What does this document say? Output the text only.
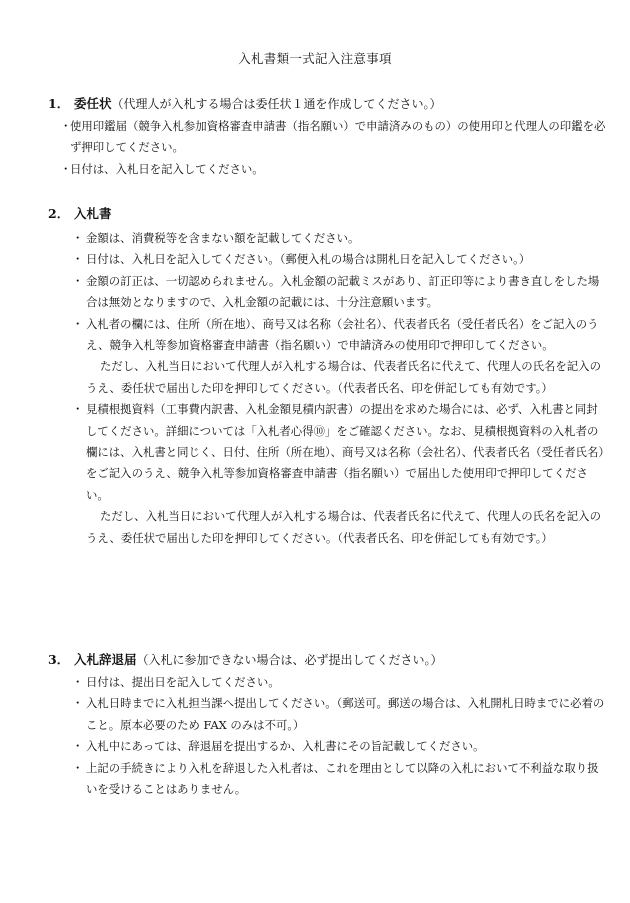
入札書類一式記入注意事項
1． 委任状（代理人が入札する場合は委任状１通を作成してください。）
・使用印鑑届（競争入札参加資格審査申請書（指名願い）で申請済みのもの）の使用印と代理人の印鑑を必ず押印してください。
・日付は、入札日を記入してください。
2． 入札書
・ 金額は、消費税等を含まない額を記載してください。
・ 日付は、入札日を記入してください。（郵便入札の場合は開札日を記入してください。）
・ 金額の訂正は、一切認められません。入札金額の記載ミスがあり、訂正印等により書き直しをした場合は無効となりますので、入札金額の記載には、十分注意願います。
・ 入札者の欄には、住所（所在地）、商号又は名称（会社名）、代表者氏名（受任者氏名）をご記入のうえ、競争入札等参加資格審査申請書（指名願い）で申請済みの使用印で押印してください。
ただし、入札当日において代理人が入札する場合は、代表者氏名に代えて、代理人の氏名を記入のうえ、委任状で届出した印を押印してください。（代表者氏名、印を併記しても有効です。）
・ 見積根拠資料（工事費内訳書、入札金額見積内訳書）の提出を求めた場合には、必ず、入札書と同封してください。詳細については「入札者心得⑩」をご確認ください。なお、見積根拠資料の入札者の欄には、入札書と同じく、日付、住所（所在地）、商号又は名称（会社名）、代表者氏名（受任者氏名）をご記入のうえ、競争入札等参加資格審査申請書（指名願い）で届出した使用印で押印してください。
ただし、入札当日において代理人が入札する場合は、代表者氏名に代えて、代理人の氏名を記入のうえ、委任状で届出した印を押印してください。（代表者氏名、印を併記しても有効です。）
3． 入札辞退届（入札に参加できない場合は、必ず提出してください。）
・ 日付は、提出日を記入してください。
・ 入札日時までに入札担当課へ提出してください。（郵送可。郵送の場合は、入札開札日時までに必着のこと。原本必要のため FAX のみは不可。）
・ 入札中にあっては、辞退届を提出するか、入札書にその旨記載してください。
・ 上記の手続きにより入札を辞退した入札者は、これを理由として以降の入札において不利益な取り扱いを受けることはありません。
